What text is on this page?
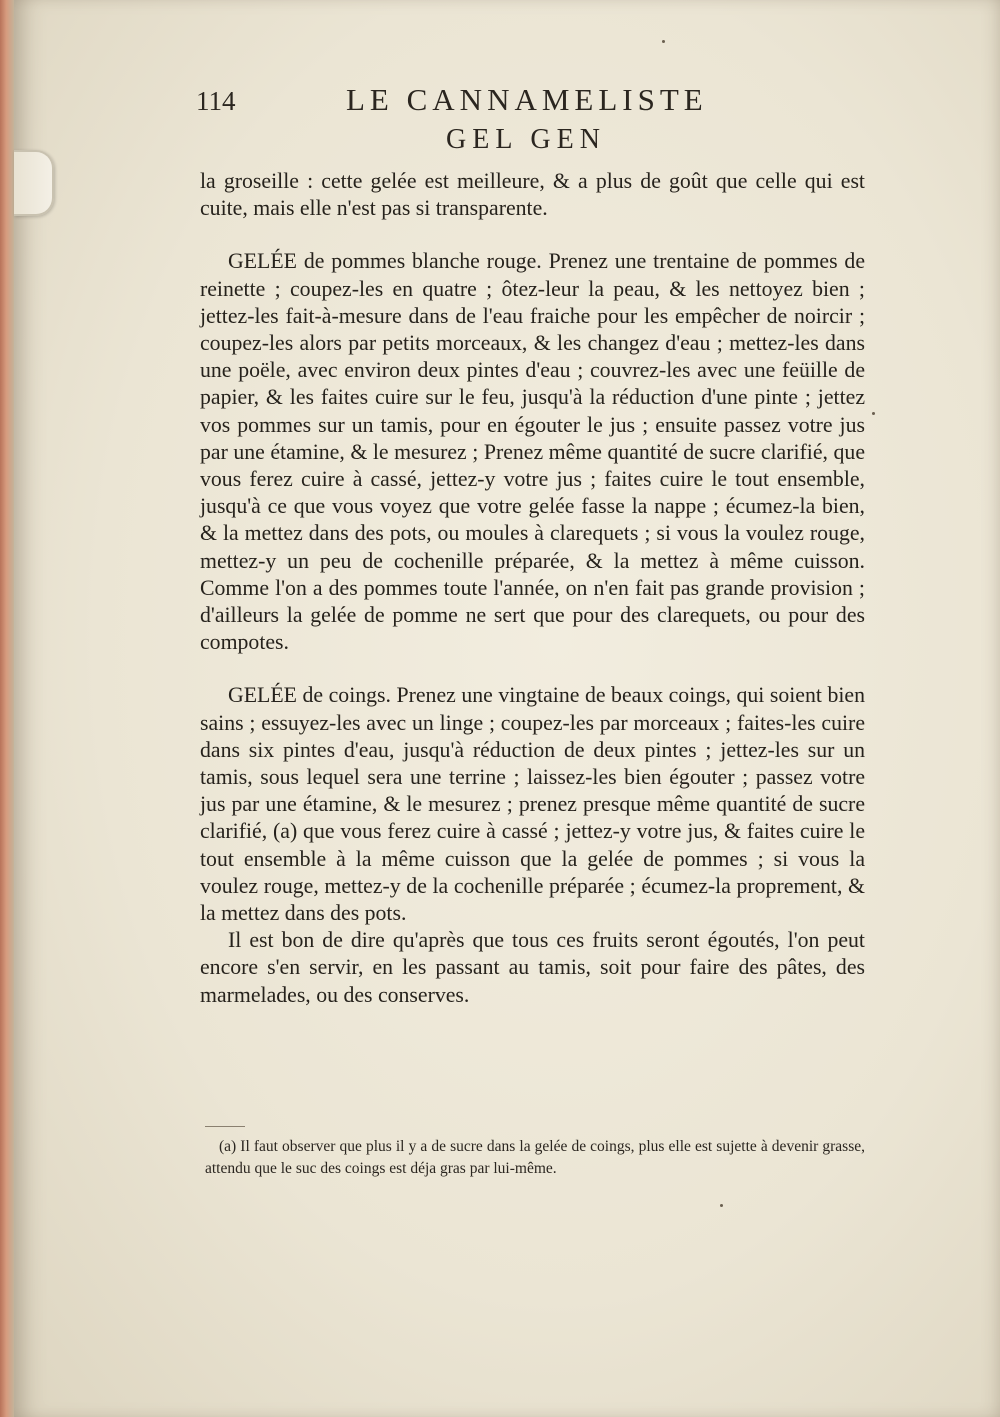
114	LE CANNAMELISTE
GEL GEN

la groseille : cette gelée est meilleure, & a plus de goût que celle qui est cuite, mais elle n'est pas si transparente.

GELÉE de pommes blanche rouge. Prenez une trentaine de pommes de reinette ; coupez-les en quatre ; ôtez-leur la peau, & les nettoyez bien ; jettez-les fait-à-mesure dans de l'eau fraiche pour les empêcher de noircir ; coupez-les alors par petits morceaux, & les changez d'eau ; mettez-les dans une poële, avec environ deux pintes d'eau ; couvrez-les avec une feüille de papier, & les faites cuire sur le feu, jusqu'à la réduction d'une pinte ; jettez vos pommes sur un tamis, pour en égouter le jus ; ensuite passez votre jus par une étamine, & le mesurez ; Prenez même quantité de sucre clarifié, que vous ferez cuire à cassé, jettez-y votre jus ; faites cuire le tout ensemble, jusqu'à ce que vous voyez que votre gelée fasse la nappe ; écumez-la bien, & la mettez dans des pots, ou moules à clarequets ; si vous la voulez rouge, mettez-y un peu de cochenille préparée, & la mettez à même cuisson. Comme l'on a des pommes toute l'année, on n'en fait pas grande provision ; d'ailleurs la gelée de pomme ne sert que pour des clarequets, ou pour des compotes.

GELÉE de coings. Prenez une vingtaine de beaux coings, qui soient bien sains ; essuyez-les avec un linge ; coupez-les par morceaux ; faites-les cuire dans six pintes d'eau, jusqu'à réduction de deux pintes ; jettez-les sur un tamis, sous lequel sera une terrine ; laissez-les bien égouter ; passez votre jus par une étamine, & le mesurez ; prenez presque même quantité de sucre clarifié, (a) que vous ferez cuire à cassé ; jettez-y votre jus, & faites cuire le tout ensemble à la même cuisson que la gelée de pommes ; si vous la voulez rouge, mettez-y de la cochenille préparée ; écumez-la proprement, & la mettez dans des pots.

Il est bon de dire qu'après que tous ces fruits seront égoutés, l'on peut encore s'en servir, en les passant au tamis, soit pour faire des pâtes, des marmelades, ou des conserves.

(a) Il faut observer que plus il y a de sucre dans la gelée de coings, plus elle est sujette à devenir grasse, attendu que le suc des coings est déja gras par lui-même.
